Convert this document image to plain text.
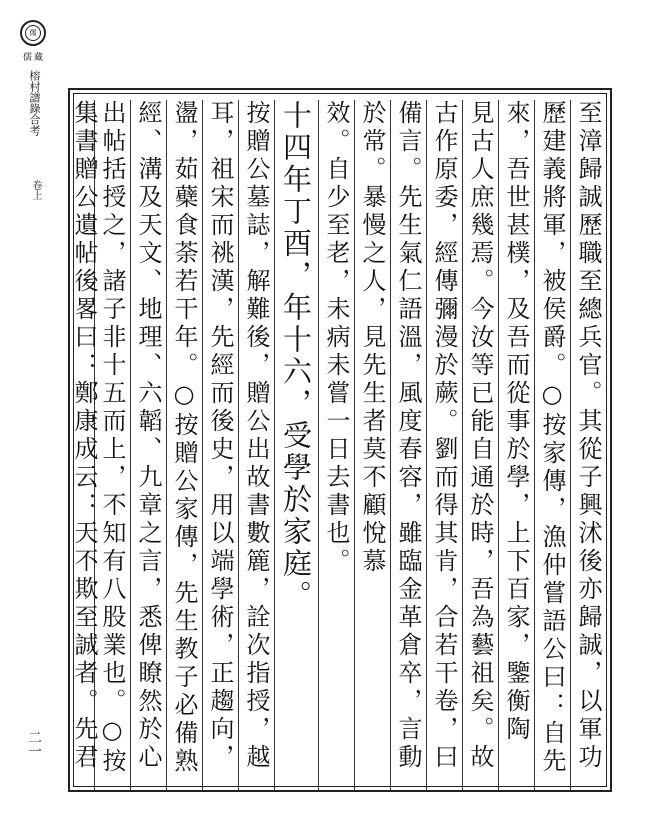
儒
儒藏
榕村譜錄合考
卷上
二一	至漳歸誠歷職至總兵官。其從子興沭後亦歸誠，以軍功
歷建義將軍，被侯爵。○按家傳，漁仲嘗語公曰：自先
來，吾世甚樸，及吾而從事於學，上下百家，鑒衡陶
見古人庶幾焉。今汝等已能自通於時，吾為藝祖矣。故
古作原委，經傳彌漫於蕨。劉而得其肯，合若干卷，曰
備言。先生氣仁語溫，風度春容，雖臨金革倉卒，言動
於常。暴慢之人，見先生者莫不顧悅慕
效。自少至老，未病未嘗一日去書也。
十四年丁酉，年十六，受學於家庭。
按贈公墓誌，解難後，贈公出故書數簏，詮次指授，越
耳，祖宋而祧漢，先經而後史，用以端學術，正趨向，
盪，茹蘗食荼若干年。○按贈公家傳，先生教子必備熟
經、溝及天文、地理、六韜、九章之言，悉俾瞭然於心
出帖括授之，諸子非十五而上，不知有八股業也。○按
集書贈公遺帖後畧曰：鄭康成云：天不欺至誠者。先君
